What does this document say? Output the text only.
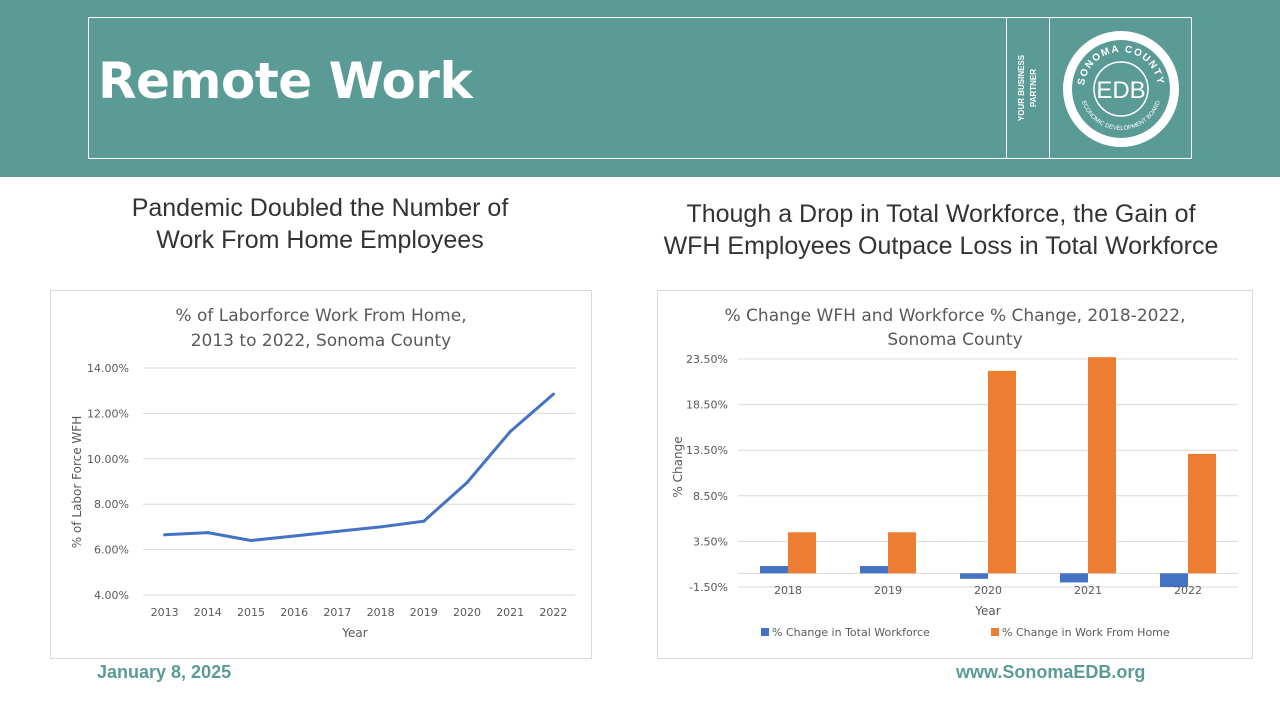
Remote Work	YOUR BUSINESS PARTNER	SONOMA COUNTY
EDB
ECONOMIC DEVELOPMENT BOARD
Pandemic Doubled the Number of
Work From Home Employees
Though a Drop in Total Workforce, the Gain of
WFH Employees Outpace Loss in Total Workforce
% of Laborforce Work From Home,
2013 to 2022, Sonoma County
4.00%
6.00%
8.00%
10.00%
12.00%
14.00%
2013 2014 2015 2016 2017 2018 2019 2020 2021 2022
Year
% of Labor Force WFH
% Change WFH and Workforce % Change, 2018-2022,
Sonoma County
-1.50%
3.50%
8.50%
13.50%
18.50%
23.50%
2018	2019	2020	2021	2022
Year
% Change
% Change in Total Workforce	% Change in Work From Home
January 8, 2025	www.SonomaEDB.org
